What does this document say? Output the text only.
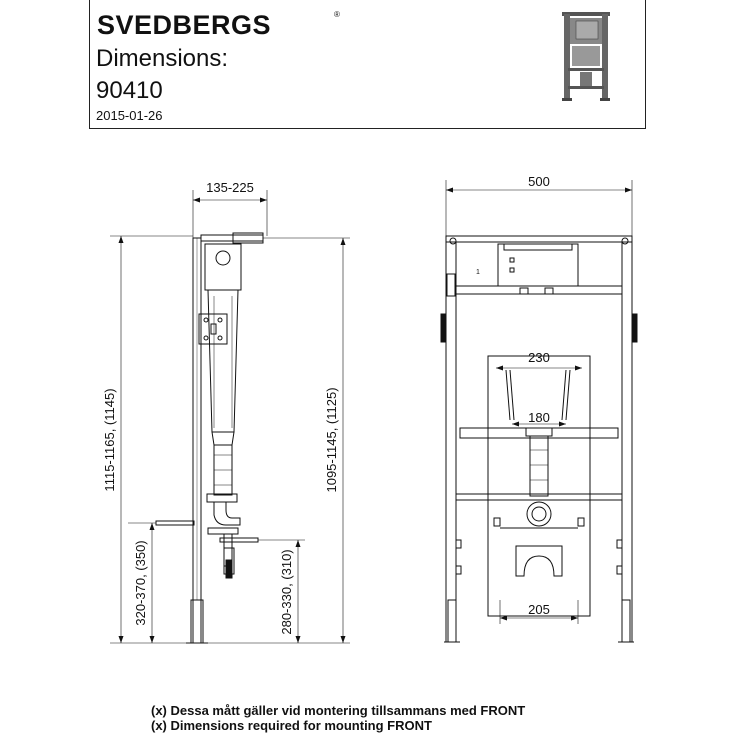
SVEDBERGS	®
Dimensions:
90410
2015-01-26
135-225
1115-1165, (1145)	1095-1145, (1125)
320-370, (350)	280-330, (310)
1
500
230
180
205
(x) Dessa mått gäller vid montering tillsammans med FRONT
(x) Dimensions required for mounting FRONT
